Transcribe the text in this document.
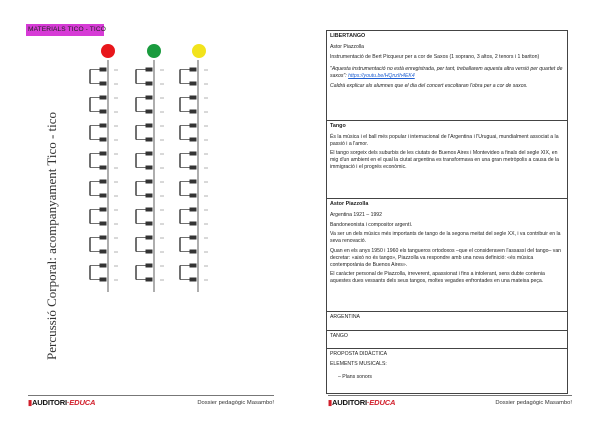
MATERIALS TICO - TICO
Percussió Corporal: acompanyament Tico - tico
▮AUDITORI·EDUCA	Dossier pedagògic Masambo!

LIBERTANGO

Astor Piazzolla

Instrumentació de Bert Picqueur per a cor de Saxos (1 soprano, 3 altos, 2 tenors i 1 bariton)

"Aquesta instrumentació no està enregistrada, per tant, treballarem aquesta altra versió per quartet de saxos": https://youtu.be/HQnzIh4EK4

Caldrà explicar als alumnes que el dia del concert escoltaran l'obra per a cor de saxos.

Tango

És la música i el ball més popular i internacional de l'Argentina i l'Uruguai, mundialment associat a la passió i a l'amor.

El tango sorgeix dels suburbis de les ciutats de Buenos Aires i Montevideo a finals del segle XIX, en mig d'un ambient en el qual la ciutat argentina es transformava en una gran metròpolis a causa de la immigració i el progrés econòmic.

Astor Piazzolla

Argentina 1921 – 1992

Bandoneonista i compositor argentí.

Va ser un dels músics més importants de tango de la segona meitat del segle XX, i va contribuir en la seva renovació.

Quan en els anys 1950 i 1960 els tangueros ortodoxos –que el consideraven l'assassí del tango– van decretar: «això no és tango», Piazzolla va respondre amb una nova definició: «és música contemporània de Buenos Aires».

El caràcter personal de Piazzolla, irreverent, apassionat i fins a intolerant, sens dubte contenia aquestes dues vessants dels seus tangos, moltes vegades enfrontades en una mateixa peça.

ARGENTINA

TANGO

PROPOSTA DIDÀCTICA

ELEMENTS MUSICALS:

– Plans sonors

▮AUDITORI·EDUCA	Dossier pedagògic Masambo!
